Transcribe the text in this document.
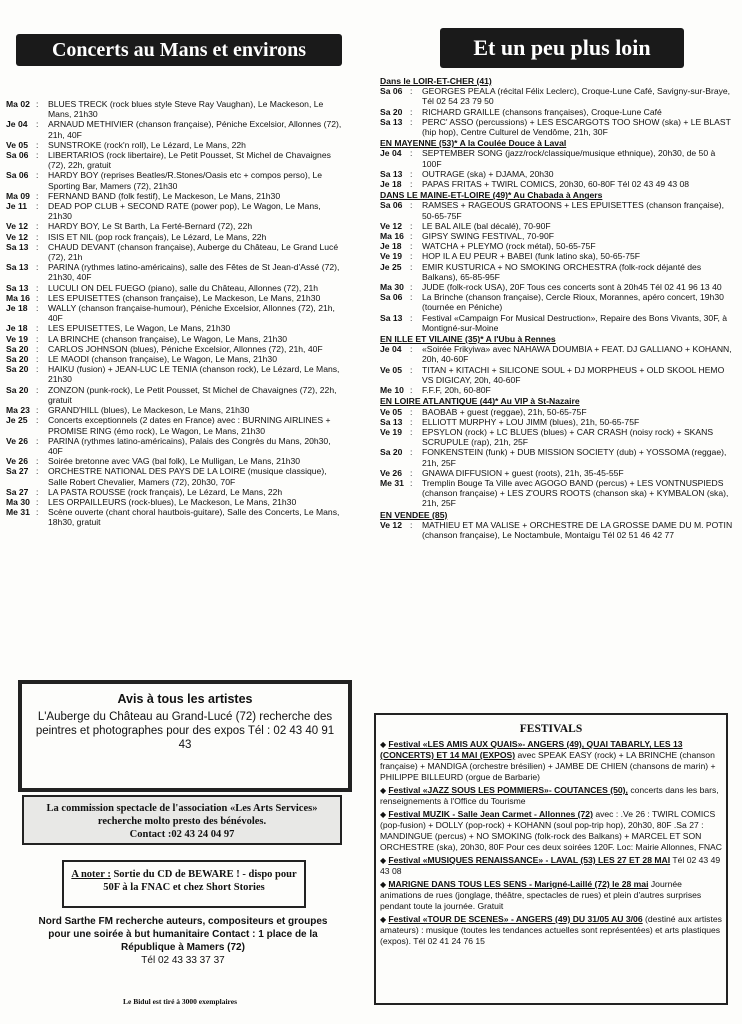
Concerts au Mans et environs
Ma 02 :	BLUES TRECK (rock blues style Steve Ray Vaughan), Le Mackeson, Le Mans, 21h30
Je 04 :	ARNAUD METHIVIER (chanson française), Péniche Excelsior, Allonnes (72), 21h, 40F
Ve 05 :	SUNSTROKE (rock'n roll), Le Lézard, Le Mans, 22h
Sa 06 :	LIBERTARIOS (rock libertaire), Le Petit Pousset, St Michel de Chavaignes (72), 22h, gratuit
Sa 06 :	HARDY BOY (reprises Beatles/R.Stones/Oasis etc + compos perso), Le Sporting Bar, Mamers (72), 21h30
Ma 09 :	FERNAND BAND (folk festif), Le Mackeson, Le Mans, 21h30
Je 11	:	DEAD POP CLUB + SECOND RATE (power pop), Le Wagon, Le Mans, 21h30
Ve 12 :	HARDY BOY, Le St Barth, La Ferté-Bernard (72), 22h
Ve 12 :	ISIS ET NIL (pop rock français), Le Lézard, Le Mans, 22h
Sa 13 :	CHAUD DEVANT (chanson française), Auberge du Château, Le Grand Lucé (72), 21h
Sa 13 :	PARINA (rythmes latino-américains), salle des Fêtes de St Jean-d'Assé (72), 21h30, 40F
Sa 13 :	LUCULI ON DEL FUEGO (piano), salle du Château, Allonnes (72), 21h
Ma 16 :	LES EPUISETTES (chanson française), Le Mackeson, Le Mans, 21h30
Je 18 :	WALLY (chanson française-humour), Péniche Excelsior, Allonnes (72), 21h, 40F
Je 18 :	LES EPUISETTES, Le Wagon, Le Mans, 21h30
Ve 19 :	LA BRINCHE (chanson française), Le Wagon, Le Mans, 21h30
Sa 20 :	CARLOS JOHNSON (blues), Péniche Excelsior, Allonnes (72), 21h, 40F
Sa 20 :	LE MAODI (chanson française), Le Wagon, Le Mans, 21h30
Sa 20 :	HAIKU (fusion) + JEAN-LUC LE TENIA (chanson rock), Le Lézard, Le Mans, 21h30
Sa 20 :	ZONZON (punk-rock), Le Petit Pousset, St Michel de Chavaignes (72), 22h, gratuit
Ma 23 :	GRAND'HILL (blues), Le Mackeson, Le Mans, 21h30
Je 25 :	Concerts exceptionnels (2 dates en France) avec : BURNING AIRLINES + PROMISE RING (émo rock), Le Wagon, Le Mans, 21h30
Ve 26 :	PARINA (rythmes latino-américains), Palais des Congrès du Mans, 20h30, 40F
Ve 26 :	Soirée bretonne avec VAG (bal folk), Le Mulligan, Le Mans, 21h30
Sa 27 :	ORCHESTRE NATIONAL DES PAYS DE LA LOIRE (musique classique), Salle Robert Chevalier, Mamers (72), 20h30, 70F
Sa 27 :	LA PASTA ROUSSE (rock français), Le Lézard, Le Mans, 22h
Ma 30 :	LES ORPAILLEURS (rock-blues), Le Mackeson, Le Mans, 21h30
Me 31 :	Scène ouverte (chant choral hautbois-guitare), Salle des Concerts, Le Mans, 18h30, gratuit
Avis à tous les artistes
L'Auberge du Château au Grand-Lucé (72) recherche des peintres et photographes pour des expos Tél : 02 43 40 91 43
La commission spectacle de l'association «Les Arts Services» recherche molto presto des bénévoles.
Contact :02 43 24 04 97
A noter : Sortie du CD de BEWARE ! - dispo pour 50F à la FNAC et chez Short Stories
Nord Sarthe FM recherche auteurs, compositeurs et groupes pour une soirée à but humanitaire Contact : 1 place de la République à Mamers (72)
Tél 02 43 33 37 37
Le Bidul est tiré à 3000 exemplaires
Et un peu plus loin
Dans le LOIR-ET-CHER (41)
Sa 06 :	GEORGES PEALA (récital Félix Leclerc), Croque-Lune Café, Savigny-sur-Braye, Tél 02 54 23 79 50
Sa 20 :	RICHARD GRAILLE (chansons françaises), Croque-Lune Café
Sa 13 :	PERC' ASSO (percussions) + LES ESCARGOTS TOO SHOW (ska) + LE BLAST (hip hop), Centre Culturel de Vendôme, 21h, 30F
EN MAYENNE (53)* A la Coulée Douce à Laval
Je 04 :	SEPTEMBER SONG (jazz/rock/classique/musique ethnique), 20h30, de 50 à 100F
Sa 13 :	OUTRAGE (ska) + DJAMA, 20h30
Je 18 :	PAPAS FRITAS + TWIRL COMICS, 20h30, 60-80F Tél 02 43 49 43 08
DANS LE MAINE-ET-LOIRE (49)* Au Chabada à Angers
Sa 06 :	RAMSES + RAGEOUS GRATOONS + LES EPUISETTES (chanson française), 50-65-75F
Ve 12 :	LE BAL AILE (bal décalé), 70-90F
Ma 16 :	GIPSY SWING FESTIVAL, 70-90F
Je 18 :	WATCHA + PLEYMO (rock métal), 50-65-75F
Ve 19 :	HOP IL A EU PEUR + BABEI (funk latino ska), 50-65-75F
Je 25 :	EMIR KUSTURICA + NO SMOKING ORCHESTRA (folk-rock déjanté des Balkans), 65-85-95F
Ma 30 :	JUDE (folk-rock USA), 20F Tous ces concerts sont à 20h45 Tél 02 41 96 13 40
Sa 06 :	La Brinche (chanson française), Cercle Rioux, Morannes, apéro concert, 19h30 (tournée en Péniche)
Sa 13 :	Festival «Campaign For Musical Destruction», Repaire des Bons Vivants, 30F, à Montigné-sur-Moine
EN ILLE ET VILAINE (35)* A l'Ubu à Rennes
Je 04 :	«Soirée Frikyiwa» avec NAHAWA DOUMBIA + FEAT. DJ GALLIANO + KOHANN, 20h, 40-60F
Ve 05 :	TITAN + KITACHI + SILICONE SOUL + DJ MORPHEUS + OLD SKOOL HEMO VS DIGICAY, 20h, 40-60F
Me 10 :	F.F.F, 20h, 60-80F
EN LOIRE ATLANTIQUE (44)* Au VIP à St-Nazaire
Ve 05 :	BAOBAB + guest (reggae), 21h, 50-65-75F
Sa 13 :	ELLIOTT MURPHY + LOU JIMM (blues), 21h, 50-65-75F
Ve 19 :	EPSYLON (rock) + LC BLUES (blues) + CAR CRASH (noisy rock) + SKANS SCRUPULE (rap), 21h, 25F
Sa 20 :	FONKENSTEIN (funk) + DUB MISSION SOCIETY (dub) + YOSSOMA (reggae), 21h, 25F
Ve 26 :	GNAWA DIFFUSION + guest (roots), 21h, 35-45-55F
Me 31 :	Tremplin Bouge Ta Ville avec AGOGO BAND (percus) + LES VONTNUSPIEDS (chanson française) + LES Z'OURS ROOTS (chanson ska) + KYMBALON (ska), 21h, 25F
EN VENDEE (85)
Ve 12 :	MATHIEU ET MA VALISE + ORCHESTRE DE LA GROSSE DAME DU M. POTIN (chanson française), Le Noctambule, Montaigu Tél 02 51 46 42 77
FESTIVALS
◆ Festival «LES AMIS AUX QUAIS»- ANGERS (49), QUAI TABARLY, LES 13 (CONCERTS) ET 14 MAI (EXPOS) avec SPEAK EASY (rock) + LA BRINCHE (chanson française) + MANDIGA (orchestre brésilien) + JAMBE DE CHIEN (chansons de marin) + PHILIPPE BILLEURD (orgue de Barbarie)
◆ Festival «JAZZ SOUS LES POMMIERS»- COUTANCES (50), concerts dans les bars, renseignements à l'Office du Tourisme
◆ Festival MUZIK - Salle Jean Carmet - Allonnes (72) avec : .Ve 26 : TWIRL COMICS (pop-fusion) + DOLLY (pop-rock) + KOHANN (soul pop-trip hop), 20h30, 80F .Sa 27 : MANDINGUE (percus) + NO SMOKING (folk-rock des Balkans) + MARCEL ET SON ORCHESTRE (ska), 20h30, 80F Pour ces deux soirées 120F. Loc: Mairie Allonnes, FNAC
◆ Festival «MUSIQUES RENAISSANCE» - LAVAL (53) LES 27 ET 28 MAI Tél 02 43 49 43 08
◆ MARIGNE DANS TOUS LES SENS - Marigné-Laillé (72) le 28 mai Journée animations de rues (jonglage, théâtre, spectacles de rues) et plein d'autres surprises pendant toute la journée. Gratuit
◆ Festival «TOUR DE SCENES» - ANGERS (49) DU 31/05 AU 3/06 (destiné aux artistes amateurs) : musique (toutes les tendances actuelles sont représentées) et arts plastiques (expos). Tél 02 41 24 76 15
